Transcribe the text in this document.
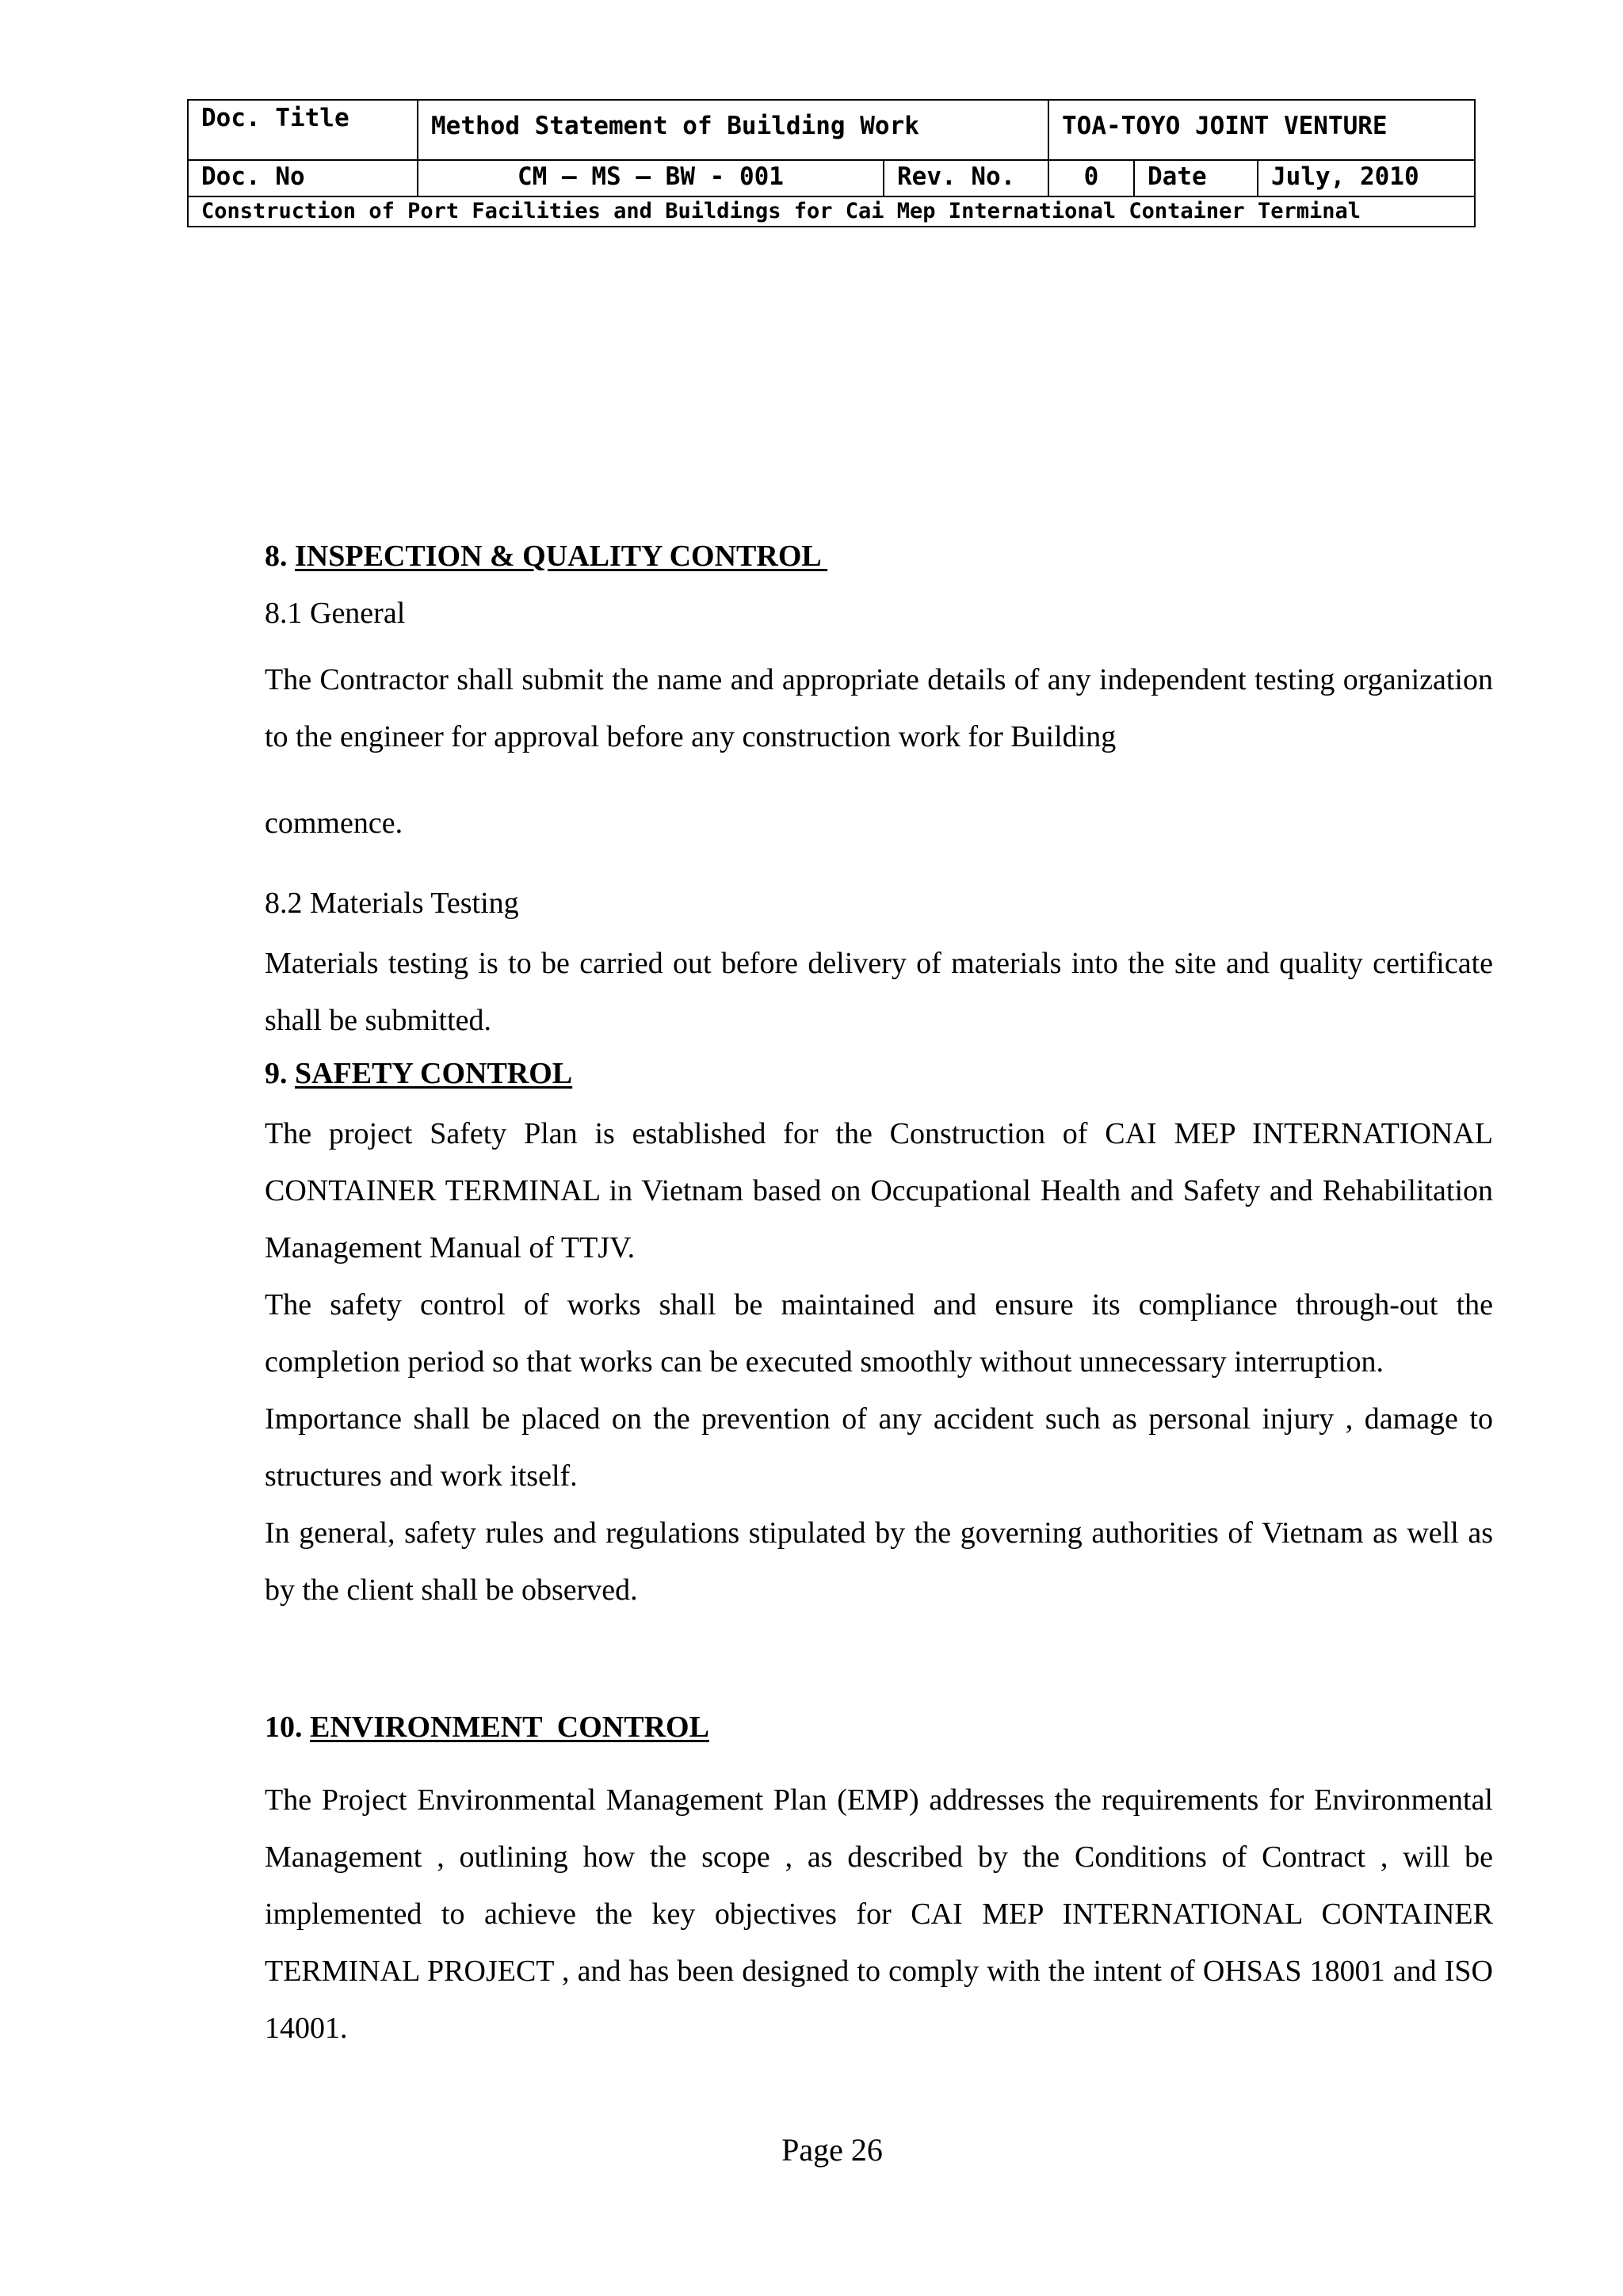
Doc. Title	Method Statement of Building Work		TOA-TOYO JOINT VENTURE		
Doc. No	CM – MS – BW - 001	Rev. No.	0	Date	July, 2010
Construction of Port Facilities and Buildings for Cai Mep International Container Terminal					
8. INSPECTION & QUALITY CONTROL
8.1 General
The Contractor shall submit the name and appropriate details of any independent testing organization to the engineer for approval before any construction work for Building
commence.
8.2 Materials Testing
Materials testing is to be carried out before delivery of materials into the site and quality certificate shall be submitted.
9. SAFETY CONTROL
The project Safety Plan is established for the Construction of CAI MEP INTERNATIONAL CONTAINER TERMINAL in Vietnam based on Occupational Health and Safety and Rehabilitation Management Manual of TTJV.
The safety control of works shall be maintained and ensure its compliance through-out the completion period so that works can be executed smoothly without unnecessary interruption.
Importance shall be placed on the prevention of any accident such as personal injury , damage to structures and work itself.
In general, safety rules and regulations stipulated by the governing authorities of Vietnam as well as by the client shall be observed.
10. ENVIRONMENT  CONTROL
The Project Environmental Management Plan (EMP) addresses the requirements for Environmental Management , outlining how the scope , as described by the Conditions of Contract , will be implemented to achieve the key objectives for CAI MEP INTERNATIONAL CONTAINER TERMINAL PROJECT , and has been designed to comply with the intent of OHSAS 18001 and ISO 14001.
Page 26
